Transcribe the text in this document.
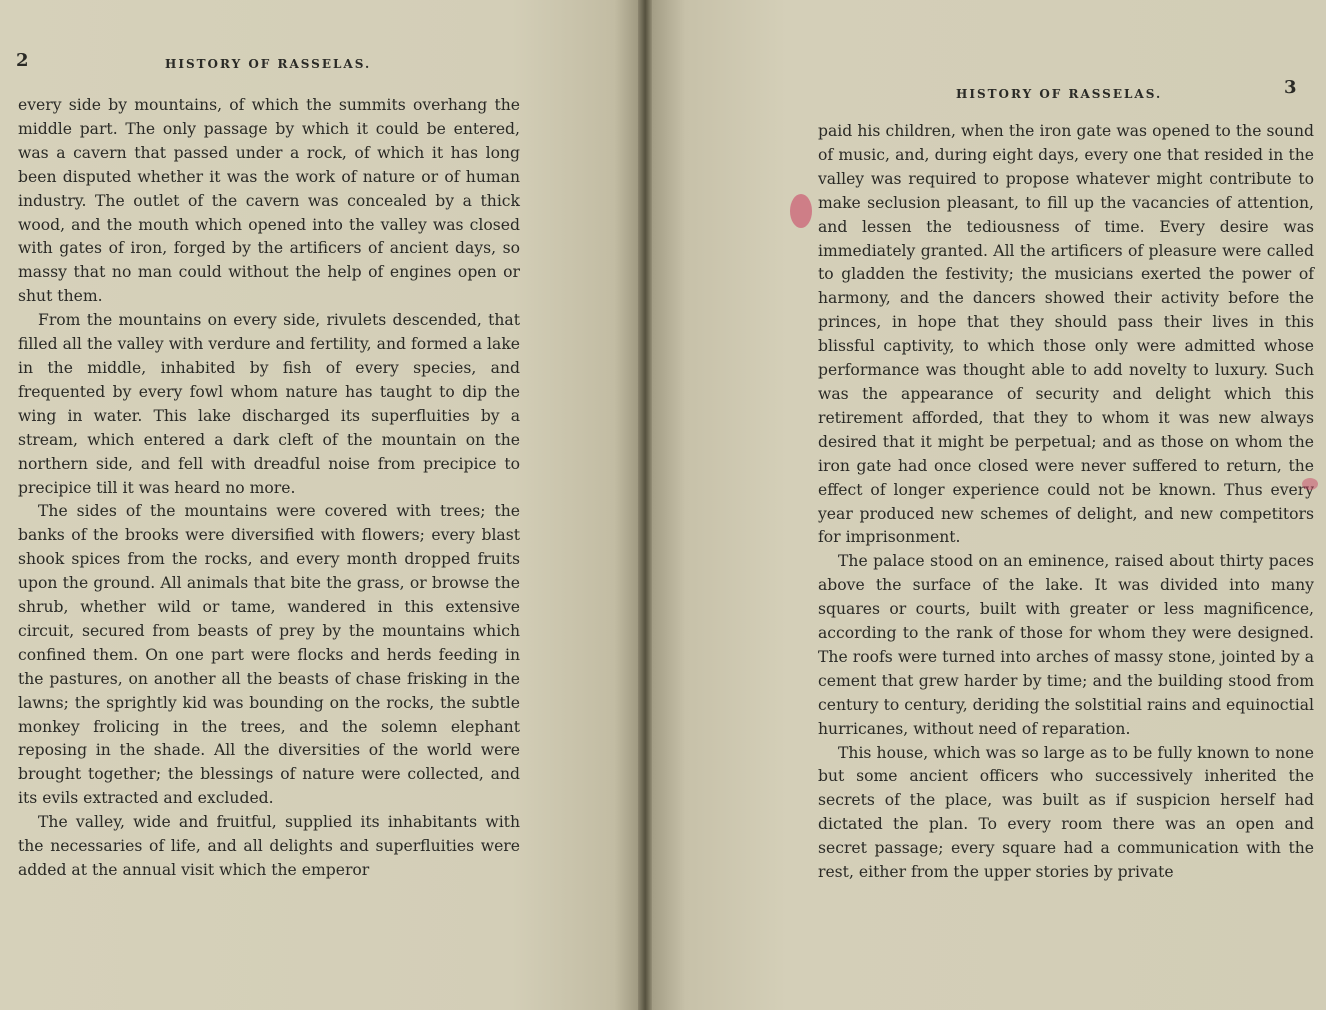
2	HISTORY OF RASSELAS.

every side by mountains, of which the summits overhang the middle part. The only passage by which it could be entered, was a cavern that passed under a rock, of which it has long been disputed whether it was the work of nature or of human industry. The outlet of the cavern was concealed by a thick wood, and the mouth which opened into the valley was closed with gates of iron, forged by the artificers of ancient days, so massy that no man could without the help of engines open or shut them.

From the mountains on every side, rivulets descended, that filled all the valley with verdure and fertility, and formed a lake in the middle, inhabited by fish of every species, and frequented by every fowl whom nature has taught to dip the wing in water. This lake discharged its superfluities by a stream, which entered a dark cleft of the mountain on the northern side, and fell with dreadful noise from precipice to precipice till it was heard no more.

The sides of the mountains were covered with trees; the banks of the brooks were diversified with flowers; every blast shook spices from the rocks, and every month dropped fruits upon the ground. All animals that bite the grass, or browse the shrub, whether wild or tame, wandered in this extensive circuit, secured from beasts of prey by the mountains which confined them. On one part were flocks and herds feeding in the pastures, on another all the beasts of chase frisking in the lawns; the sprightly kid was bounding on the rocks, the subtle monkey frolicing in the trees, and the solemn elephant reposing in the shade. All the diversities of the world were brought together; the blessings of nature were collected, and its evils extracted and excluded.

The valley, wide and fruitful, supplied its inhabitants with the necessaries of life, and all delights and superfluities were added at the annual visit which the emperor

HISTORY OF RASSELAS.	3

paid his children, when the iron gate was opened to the sound of music, and, during eight days, every one that resided in the valley was required to propose whatever might contribute to make seclusion pleasant, to fill up the vacancies of attention, and lessen the tediousness of time. Every desire was immediately granted. All the artificers of pleasure were called to gladden the festivity; the musicians exerted the power of harmony, and the dancers showed their activity before the princes, in hope that they should pass their lives in this blissful captivity, to which those only were admitted whose performance was thought able to add novelty to luxury. Such was the appearance of security and delight which this retirement afforded, that they to whom it was new always desired that it might be perpetual; and as those on whom the iron gate had once closed were never suffered to return, the effect of longer experience could not be known. Thus every year produced new schemes of delight, and new competitors for imprisonment.

The palace stood on an eminence, raised about thirty paces above the surface of the lake. It was divided into many squares or courts, built with greater or less magnificence, according to the rank of those for whom they were designed. The roofs were turned into arches of massy stone, jointed by a cement that grew harder by time; and the building stood from century to century, deriding the solstitial rains and equinoctial hurricanes, without need of reparation.

This house, which was so large as to be fully known to none but some ancient officers who successively inherited the secrets of the place, was built as if suspicion herself had dictated the plan. To every room there was an open and secret passage; every square had a communication with the rest, either from the upper stories by private
